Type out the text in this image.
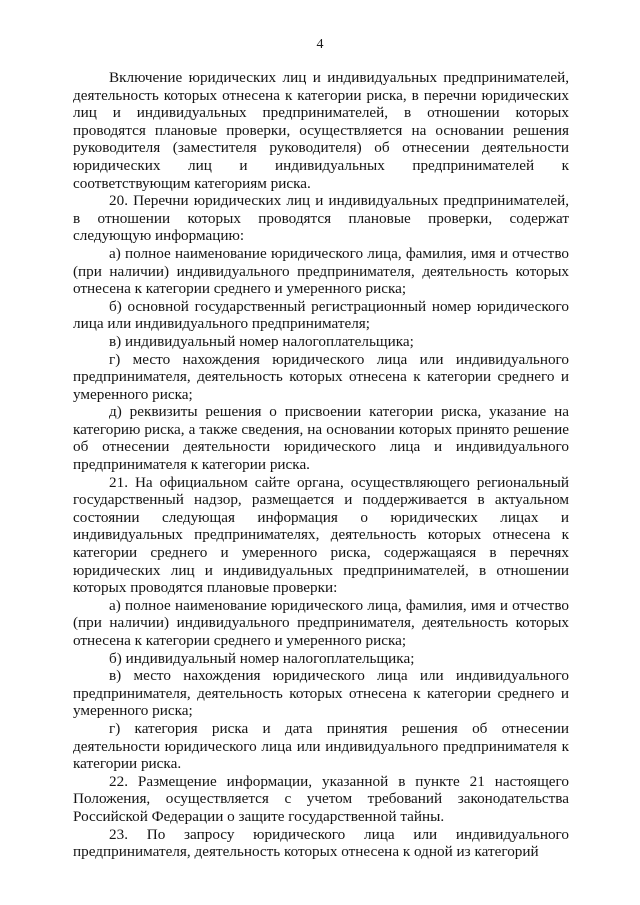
4

Включение юридических лиц и индивидуальных предпринимателей, деятельность которых отнесена к категории риска, в перечни юридических лиц и индивидуальных предпринимателей, в отношении которых проводятся плановые проверки, осуществляется на основании решения руководителя (заместителя руководителя) об отнесении деятельности юридических лиц и индивидуальных предпринимателей к соответствующим категориям риска.

20. Перечни юридических лиц и индивидуальных предпринимателей, в отношении которых проводятся плановые проверки, содержат следующую информацию:

а) полное наименование юридического лица, фамилия, имя и отчество (при наличии) индивидуального предпринимателя, деятельность которых отнесена к категории среднего и умеренного риска;

б) основной государственный регистрационный номер юридического лица или индивидуального предпринимателя;

в) индивидуальный номер налогоплательщика;

г) место нахождения юридического лица или индивидуального предпринимателя, деятельность которых отнесена к категории среднего и умеренного риска;

д) реквизиты решения о присвоении категории риска, указание на категорию риска, а также сведения, на основании которых принято решение об отнесении деятельности юридического лица и индивидуального предпринимателя к категории риска.

21. На официальном сайте органа, осуществляющего региональный государственный надзор, размещается и поддерживается в актуальном состоянии следующая информация о юридических лицах и индивидуальных предпринимателях, деятельность которых отнесена к категории среднего и умеренного риска, содержащаяся в перечнях юридических лиц и индивидуальных предпринимателей, в отношении которых проводятся плановые проверки:

а) полное наименование юридического лица, фамилия, имя и отчество (при наличии) индивидуального предпринимателя, деятельность которых отнесена к категории среднего и умеренного риска;

б) индивидуальный номер налогоплательщика;

в) место нахождения юридического лица или индивидуального предпринимателя, деятельность которых отнесена к категории среднего и умеренного риска;

г) категория риска и дата принятия решения об отнесении деятельности юридического лица или индивидуального предпринимателя к категории риска.

22. Размещение информации, указанной в пункте 21 настоящего Положения, осуществляется с учетом требований законодательства Российской Федерации о защите государственной тайны.

23. По запросу юридического лица или индивидуального предпринимателя, деятельность которых отнесена к одной из категорий
